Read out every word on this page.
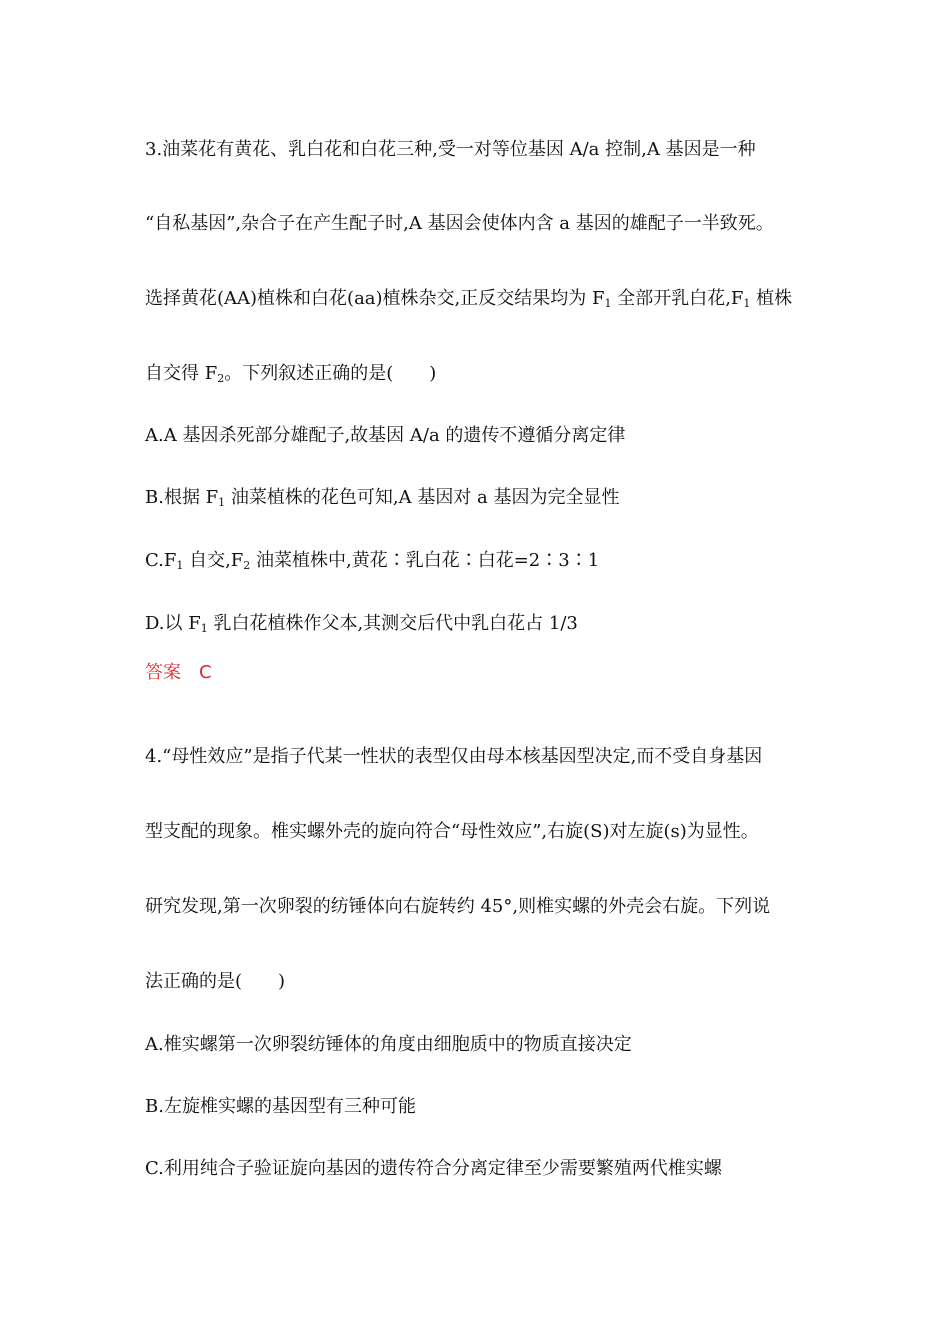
3.油菜花有黄花、乳白花和白花三种,受一对等位基因 A/a 控制,A 基因是一种
“自私基因”,杂合子在产生配子时,A 基因会使体内含 a 基因的雄配子一半致死。
选择黄花(AA)植株和白花(aa)植株杂交,正反交结果均为 $F_1$ 全部开乳白花$,F_1$ 植株
自交得 $F_2$。下列叙述正确的是(　　)
A.A 基因杀死部分雄配子,故基因 A/a 的遗传不遵循分离定律
B.根据 $F_1$ 油菜植株的花色可知,A 基因对 a 基因为完全显性
$C.F_1$ 自交$,F_2$ 油菜植株中,黄花∶乳白花∶白花=2∶3∶1
D.以 $F_1$ 乳白花植株作父本,其测交后代中乳白花占 1/3
答案 C
4.“母性效应”是指子代某一性状的表型仅由母本核基因型决定,而不受自身基因
型支配的现象。椎实螺外壳的旋向符合“母性效应”,右旋(S)对左旋(s)为显性。
研究发现,第一次卵裂的纺锤体向右旋转约 45°,则椎实螺的外壳会右旋。下列说
法正确的是(　　)
A.椎实螺第一次卵裂纺锤体的角度由细胞质中的物质直接决定
B.左旋椎实螺的基因型有三种可能
C.利用纯合子验证旋向基因的遗传符合分离定律至少需要繁殖两代椎实螺
